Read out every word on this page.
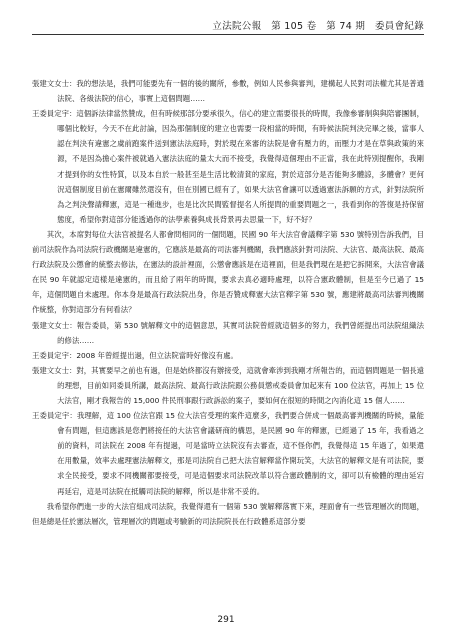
立法院公報　第 105 卷　第 74 期　委員會紀錄

張建文女士：我的想法是，我們可能要先有一個的後的關所，參數，例如人民參與審判，建構起人民對司法權尤其是普通法院、各級法院的信心，事實上這個問題……

王委員定宇：這個訴法律當然贊成，但有時候那部分要承很久，信心的建立需要很長的時間，我像參審制與與陪審團制，哪個比較好，今天不在此討論，因為那個制度的建立也需要一段相當的時間，有時候法院判決完畢之後，當事人認在判決有違憲之虞前跑案件送到憲法法庭時，對於現在來審的法院是會有壓力的，而壓力才是在草與政策的來源，不是因為擔心案件被就過入憲法法庭的量太大而不接受，我覺得這個理由不正當，我在此特別提醒你，我剛才提到你的女性特質，以及本自於一般甚至是生活比較清貧的家庭，對於這部分是否能夠多體諒，多體會？更何況這個制度目前在憲爾雖然還沒有，但在別國已經有了，如果大法官會讓可以透過憲法訴願的方式，針對法院所為之判決聲請釋憲，這是一種進步，也是比次民間監督提名人所提問的重要問題之一，我看到你的答復是持保留態度，希望你對這部分能透過你的法學素養與成長背景再去思量一下，好不好？

其次，本席對每位大法官被提名人都會問相同的一個問題，民國 90 年大法官會議釋字第 530 號特別告訴我們，目前司法院作為司法院行政機關是違憲的，它應該是最高的司法審判機關，我們應該針對司法院、大法官、最高法院、最高行政法院及公懲會的統整去修法，在憲法的設計裡面，公懲會應該是在這裡面，但是我們現在是把它拆開來，大法官會議在民 90 年就認定這樣是違憲的，而且給了兩年的時間，要求去真必適時處理，以符合憲政體制，但是至今已過了 15 年，這個問題自未處理。你本身是最高行政法院出身，你是否贊成釋憲大法官釋字第 530 號，應建將最高司法審判機關作統整，你對這部分有何看法？

張建文女士：報告委員，第 530 號解釋文中的這個意思，其實司法院曾經就這個多的努力，我們曾經提出司法院組織法的修法……

王委員定宇：2008 年曾經提出過，但立法院當時好像沒有處。

張建文女士：對，其實要早之前也有過，但是始終都沒有辦接受，這就會牽涉到我剛才所報告的，而這個問題是一個長遠的理想，目前如同委員所講，最高法院、最高行政法院跟公務員懲戒委員會加起來有 100 位法官，再加上 15 位大法官，剛才我報告的 15,000 件民刑事跟行政訴訟的案子，要如何在很短的時間之內消化這 15 個人……

王委員定宇：我理解，這 100 位法官跟 15 位大法官受理的案件這麼多，我們要合併成一個最高審判機關的時候，量能會有問題，但這應該是您們將接任的大法官會議研商的構思，是民國 90 年的釋憲，已經過了 15 年，我看過之前的資料，司法院在 2008 年有提過，可是當時立法院沒有去審查，這不怪你們，我覺得這 15 年過了，如果還在用數量，效率去處理憲法解釋文，那是司法院自己把大法官解釋當作開玩笑，大法官的解釋文是有司法院，要求全民接受，要求不同機關都要接受，可是這個要求司法院改革以符合憲政體制的文，卻可以有檢體的理由延宕再延宕，這是司法院在抵觸司法院的解釋，所以是非常不妥的。

我希望你們進一步的大法官組成司法院，我覺得還有一個第 530 號解釋落實下來，理面會有一些管理層次的問題，但是總是任於憲法層次，管理層次的問題或考驗新的司法院院長在行政體系這部分要

291
